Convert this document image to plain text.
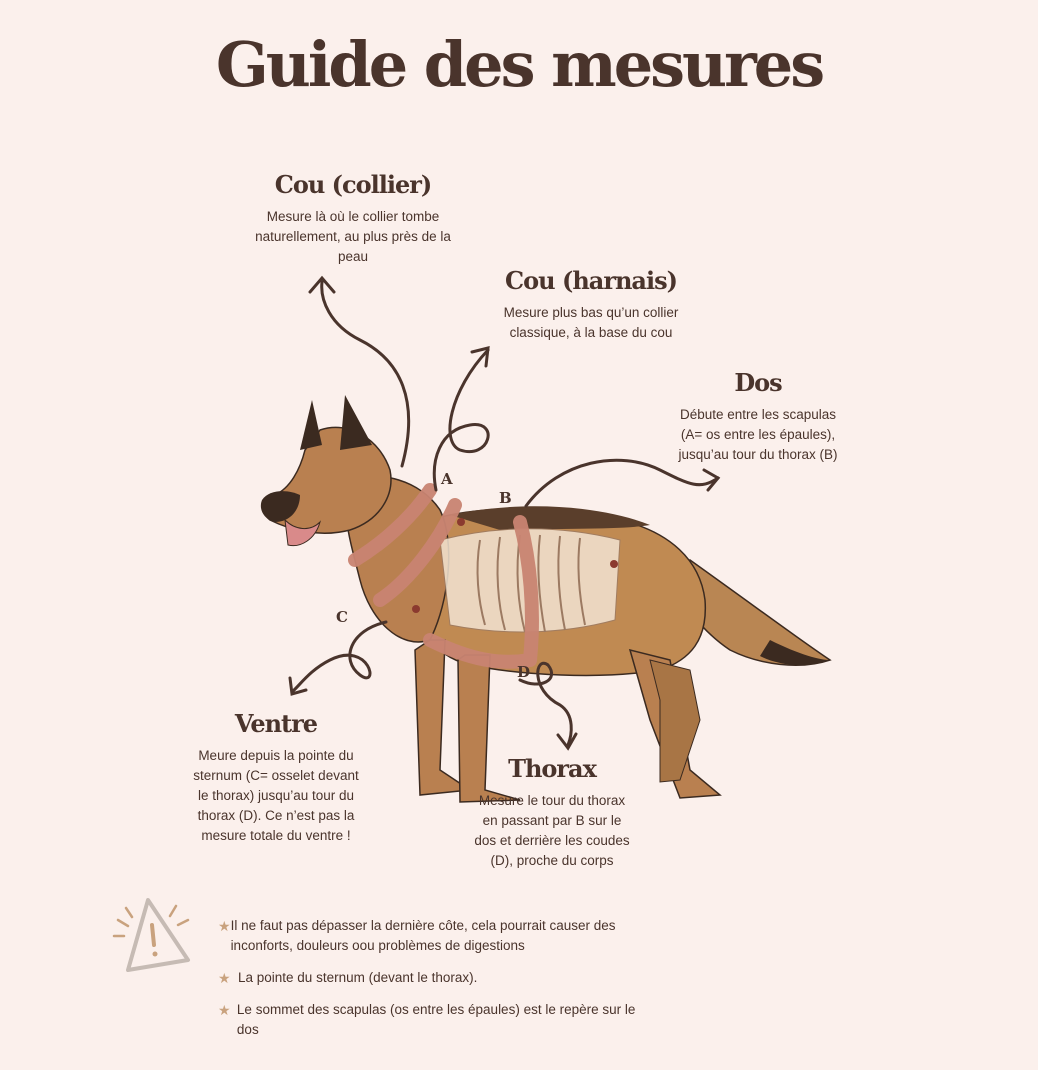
Guide des mesures
Cou (collier)

Mesure là où le collier tombe naturellement, au plus près de la peau

Cou (harnais)

Mesure plus bas qu’un collier classique, à la base du cou

Dos

Débute entre les scapulas (A= os entre les épaules), jusqu’au tour du thorax (B)

Ventre

Meure depuis la pointe du sternum (C= osselet devant le thorax) jusqu’au tour du thorax (D). Ce n’est pas la mesure totale du ventre !

Thorax

Mesure le tour du thorax en passant par B sur le dos et derrière les coudes (D), proche du corps

A
B
C
D
★ Il ne faut pas dépasser la dernière côte, cela pourrait causer des inconforts, douleurs oou problèmes de digestions
★ La pointe du sternum (devant le thorax).
★ Le sommet des scapulas (os entre les épaules) est le repère sur le dos
